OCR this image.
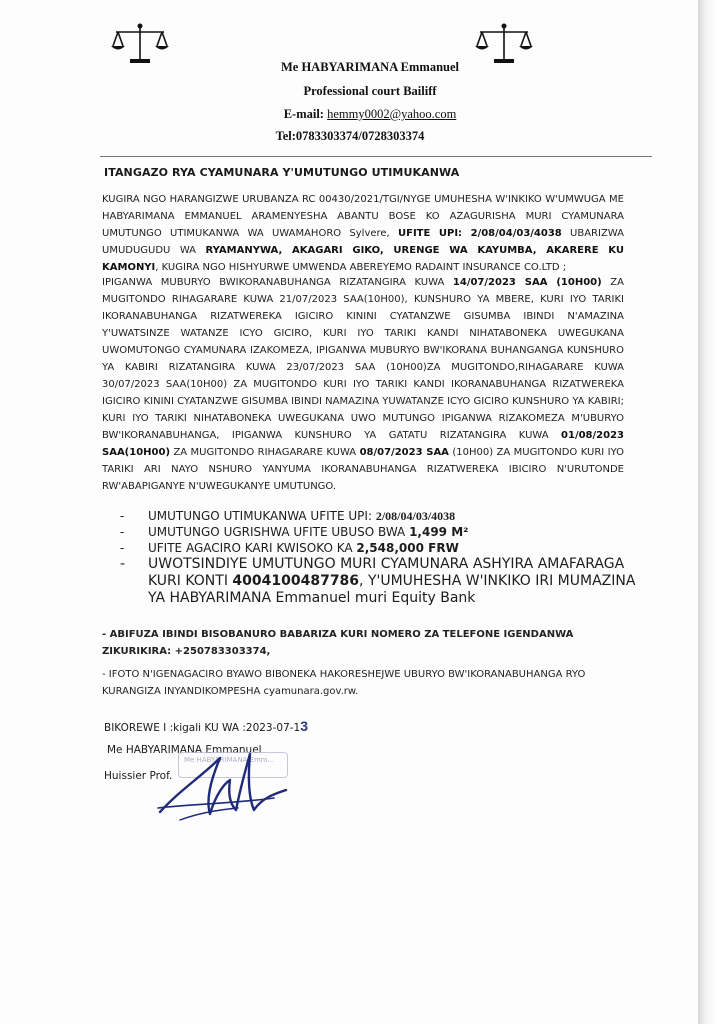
Me HABYARIMANA Emmanuel
Professional court Bailiff
E-mail: hemmy0002@yahoo.com
Tel:0783303374/0728303374
ITANGAZO RYA CYAMUNARA Y'UMUTUNGO UTIMUKANWA
KUGIRA NGO HARANGIZWE URUBANZA RC 00430/2021/TGI/NYGE UMUHESHA W'INKIKO W'UMWUGA ME HABYARIMANA EMMANUEL ARAMENYESHA ABANTU BOSE KO AZAGURISHA MURI CYAMUNARA UMUTUNGO UTIMUKANWA WA UWAMAHORO Sylvere, UFITE UPI: 2/08/04/03/4038 UBARIZWA UMUDUGUDU WA RYAMANYWA, AKAGARI GIKO, URENGE WA KAYUMBA, AKARERE KU KAMONYI, KUGIRA NGO HISHYURWE UMWENDA ABEREYEMO RADAINT INSURANCE CO.LTD ;
IPIGANWA MUBURYO BWIKORANABUHANGA RIZATANGIRA KUWA 14/07/2023 SAA (10H00) ZA MUGITONDO RIHAGARARE KUWA 21/07/2023 SAA(10H00), KUNSHURO YA MBERE, KURI IYO TARIKI IKORANABUHANGA RIZATWEREKA IGICIRO KININI CYATANZWE GISUMBA IBINDI N'AMAZINA Y'UWATSINZE WATANZE ICYO GICIRO, KURI IYO TARIKI KANDI NIHATABONEKA UWEGUKANA UWOMUTONGO CYAMUNARA IZAKOMEZA, IPIGANWA MUBURYO BW'IKORANA BUHANGANGA KUNSHURO YA KABIRI RIZATANGIRA KUWA 23/07/2023 SAA (10H00)ZA MUGITONDO,RIHAGARARE KUWA 30/07/2023 SAA(10H00) ZA MUGITONDO KURI IYO TARIKI KANDI IKORANABUHANGA RIZATWEREKA IGICIRO KININI CYATANZWE GISUMBA IBINDI NAMAZINA YUWATANZE ICYO GICIRO KUNSHURO YA KABIRI; KURI IYO TARIKI NIHATABONEKA UWEGUKANA UWO MUTUNGO IPIGANWA RIZAKOMEZA M'UBURYO BW'IKORANABUHANGA, IPIGANWA KUNSHURO YA GATATU RIZATANGIRA KUWA 01/08/2023 SAA(10H00) ZA MUGITONDO RIHAGARARE KUWA 08/07/2023 SAA (10H00) ZA MUGITONDO KURI IYO TARIKI ARI NAYO NSHURO YANYUMA IKORANABUHANGA RIZATWEREKA IBICIRO N'URUTONDE RW'ABAPIGANYE N'UWEGUKANYE UMUTUNGO.
- UMUTUNGO UTIMUKANWA UFITE UPI: 2/08/04/03/4038
- UMUTUNGO UGRISHWA UFITE UBUSO BWA 1,499 M²
- UFITE AGACIRO KARI KWISOKO KA 2,548,000 FRW
- UWOTSINDIYE UMUTUNGO MURI CYAMUNARA ASHYIRA AMAFARAGA KURI KONTI 4004100487786, Y'UMUHESHA W'INKIKO IRI MUMAZINA YA HABYARIMANA Emmanuel muri Equity Bank
- ABIFUZA IBINDI BISOBANURO BABARIZA KURI NOMERO ZA TELEFONE IGENDANWA ZIKURIKIRA: +250783303374,
- IFOTO N'IGENAGACIRO BYAWO BIBONEKA HAKORESHEJWE UBURYO BW'IKORANABUHANGA RYO KURANGIZA INYANDIKOMPESHA cyamunara.gov.rw.
BIKOREWE I :kigali KU WA :2023-07-13
Me HABYARIMANA Emmanuel
Huissier Prof.
Me HABYARIMANA Emm...
